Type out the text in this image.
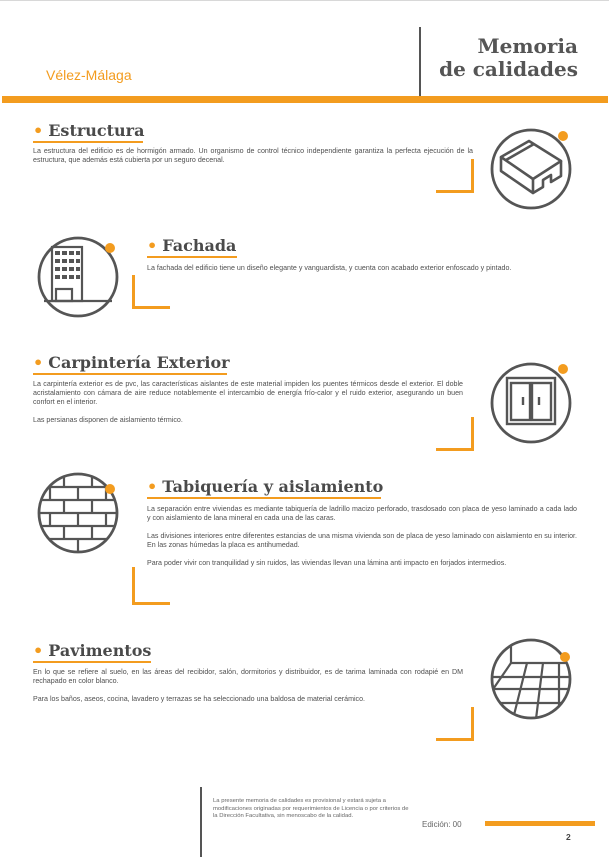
Memoria
de calidades
Vélez-Málaga
• Estructura

La estructura del edificio es de hormigón armado. Un organismo de control técnico independiente garantiza la perfecta ejecución de la estructura, que además está cubierta por un seguro decenal.

• Fachada

La fachada del edificio tiene un diseño elegante y vanguardista, y cuenta con acabado exterior enfoscado y pintado.

• Carpintería Exterior

La carpintería exterior es de pvc, las características aislantes de este material impiden los puentes térmicos desde el exterior. El doble acristalamiento con cámara de aire reduce notablemente el intercambio de energía frío-calor y el ruido exterior, asegurando un buen confort en el interior.

Las persianas disponen de aislamiento térmico.

• Tabiquería y aislamiento

La separación entre viviendas es mediante tabiquería de ladrillo macizo perforado, trasdosado con placa de yeso laminado a cada lado y con aislamiento de lana mineral en cada una de las caras.

Las divisiones interiores entre diferentes estancias de una misma vivienda son de placa de yeso laminado con aislamiento en su interior. En las zonas húmedas la placa es antihumedad.

Para poder vivir con tranquilidad y sin ruidos, las viviendas llevan una lámina anti impacto en forjados intermedios.

• Pavimentos

En lo que se refiere al suelo, en las áreas del recibidor, salón, dormitorios y distribuidor, es de tarima laminada con rodapié en DM rechapado en color blanco.

Para los baños, aseos, cocina, lavadero y terrazas se ha seleccionado una baldosa de material cerámico.

La presente memoria de calidades es provisional y estará sujeta a modificaciones originadas por requerimientos de Licencia o por criterios de la Dirección Facultativa, sin menoscabo de la calidad.

Edición: 00
2
